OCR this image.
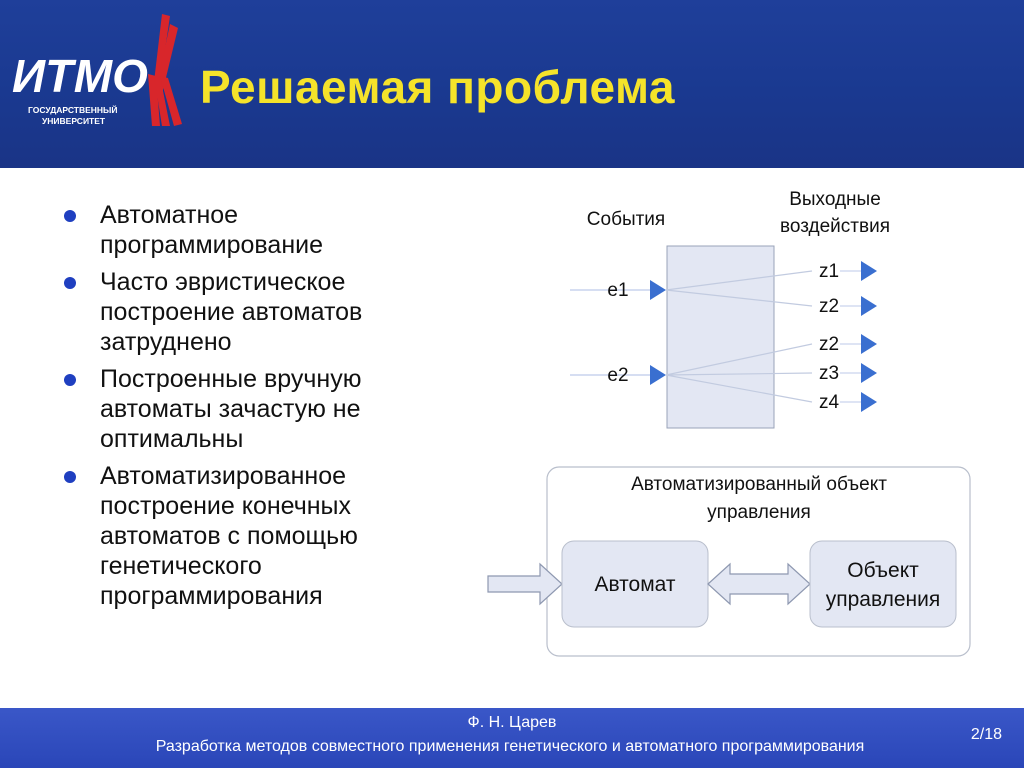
ИТМО
ГОСУДАРСТВЕННЫЙ
УНИВЕРСИТЕТ
Решаемая проблема
Автоматное
программирование
Часто эвристическое
построение автоматов
затруднено
Построенные вручную
автоматы зачастую не
оптимальны
Автоматизированное
построение конечных
автоматов с помощью
генетического
программирования
События
Выходные
воздействия
e1
e2
z1
z2
z2
z3
z4
Автоматизированный объект
управления
Автомат
Объект
управления
Ф. Н. Царев
Разработка методов совместного применения генетического и автоматного программирования
2/18
